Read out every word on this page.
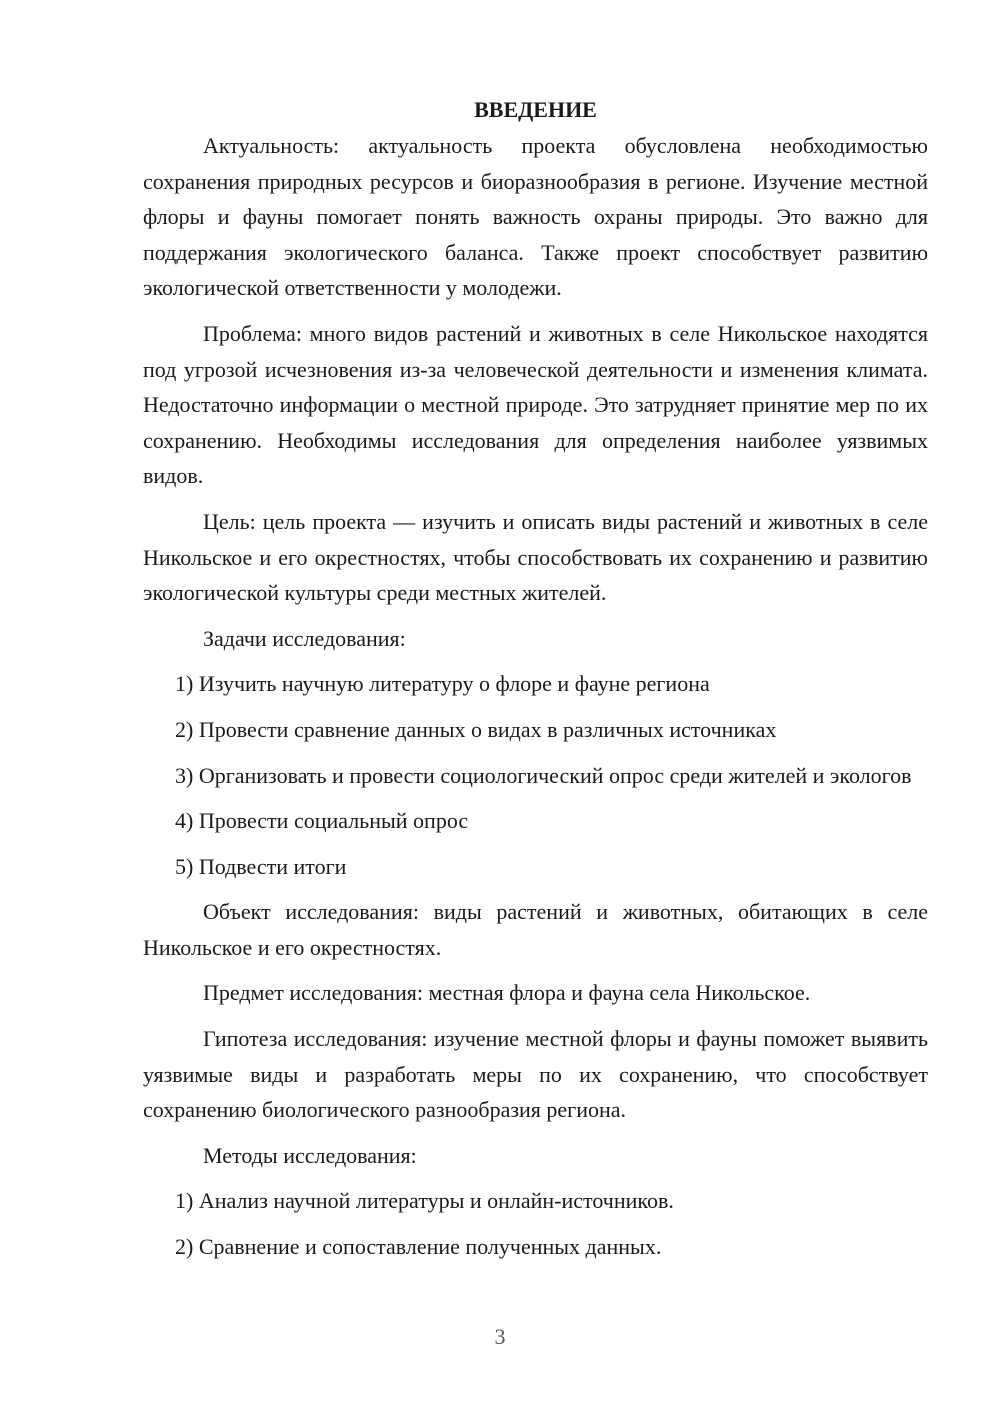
ВВЕДЕНИЕ

Актуальность: актуальность проекта обусловлена необходимостью сохранения природных ресурсов и биоразнообразия в регионе. Изучение местной флоры и фауны помогает понять важность охраны природы. Это важно для поддержания экологического баланса. Также проект способствует развитию экологической ответственности у молодежи.

Проблема: много видов растений и животных в селе Никольское находятся под угрозой исчезновения из-за человеческой деятельности и изменения климата. Недостаточно информации о местной природе. Это затрудняет принятие мер по их сохранению. Необходимы исследования для определения наиболее уязвимых видов.

Цель: цель проекта — изучить и описать виды растений и животных в селе Никольское и его окрестностях, чтобы способствовать их сохранению и развитию экологической культуры среди местных жителей.

Задачи исследования:

1) Изучить научную литературу о флоре и фауне региона

2) Провести сравнение данных о видах в различных источниках

3) Организовать и провести социологический опрос среди жителей и экологов

4) Провести социальный опрос

5) Подвести итоги

Объект исследования: виды растений и животных, обитающих в селе Никольское и его окрестностях.

Предмет исследования: местная флора и фауна села Никольское.

Гипотеза исследования: изучение местной флоры и фауны поможет выявить уязвимые виды и разработать меры по их сохранению, что способствует сохранению биологического разнообразия региона.

Методы исследования:

1) Анализ научной литературы и онлайн-источников.

2) Сравнение и сопоставление полученных данных.

3
